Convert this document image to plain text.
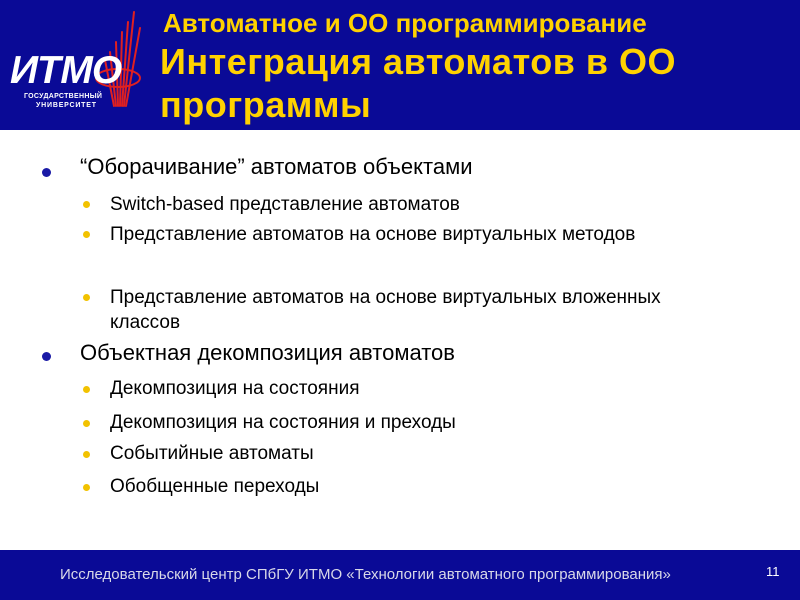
ИТМО
ГОСУДАРСТВЕННЫЙ
УНИВЕРСИТЕТ
Автоматное и ОО программирование
Интеграция автоматов в ОО программы
“Оборачивание” автоматов объектами
Switch-based представление автоматов
Представление автоматов на основе виртуальных методов
Представление автоматов на основе виртуальных вложенных классов
Объектная декомпозиция автоматов
Декомпозиция на состояния
Декомпозиция на состояния и преходы
Событийные автоматы
Обобщенные переходы
Исследовательский центр СПбГУ ИТМО «Технологии автоматного программирования»	11
